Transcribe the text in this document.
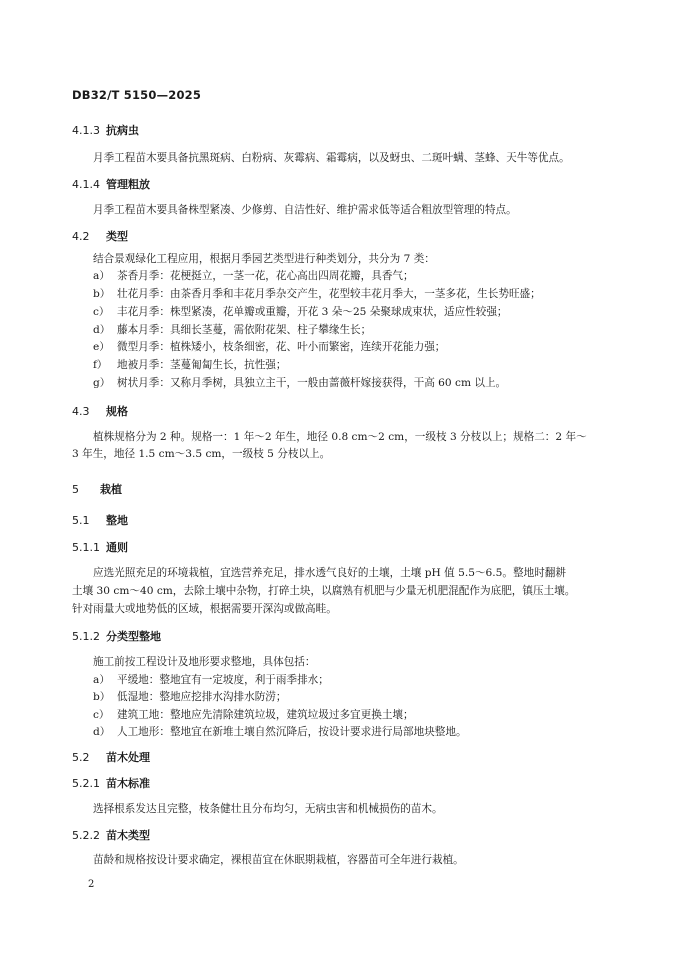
DB32/T 5150—2025
4.1.3 抗病虫
月季工程苗木要具备抗黑斑病、白粉病、灰霉病、霜霉病，以及蚜虫、二斑叶螨、茎蜂、天牛等优点。
4.1.4 管理粗放
月季工程苗木要具备株型紧凑、少修剪、自洁性好、维护需求低等适合粗放型管理的特点。
4.2 类型
结合景观绿化工程应用，根据月季园艺类型进行种类划分，共分为 7 类：
a） 茶香月季：花梗挺立，一茎一花，花心高出四周花瓣，具香气；
b） 壮花月季：由茶香月季和丰花月季杂交产生，花型较丰花月季大，一茎多花，生长势旺盛；
c） 丰花月季：株型紧凑，花单瓣或重瓣，开花 3 朵～25 朵聚球成束状，适应性较强；
d） 藤本月季：具细长茎蔓，需依附花架、柱子攀缘生长；
e） 微型月季：植株矮小，枝条细密，花、叶小而繁密，连续开花能力强；
f） 地被月季：茎蔓匍匐生长，抗性强；
g） 树状月季：又称月季树，具独立主干，一般由蔷薇杆嫁接获得，干高 60 cm 以上。
4.3 规格
植株规格分为 2 种。规格一：1 年～2 年生，地径 0.8 cm～2 cm，一级枝 3 分枝以上；规格二：2 年～
3 年生，地径 1.5 cm～3.5 cm，一级枝 5 分枝以上。
5 栽植
5.1 整地
5.1.1 通则
应选光照充足的环境栽植，宜选营养充足，排水透气良好的土壤，土壤 pH 值 5.5～6.5。整地时翻耕
土壤 30 cm～40 cm，去除土壤中杂物，打碎土块，以腐熟有机肥与少量无机肥混配作为底肥，镇压土壤。
针对雨量大或地势低的区域，根据需要开深沟或做高畦。
5.1.2 分类型整地
施工前按工程设计及地形要求整地，具体包括：
a） 平缓地：整地宜有一定坡度，利于雨季排水；
b） 低湿地：整地应挖排水沟排水防涝；
c） 建筑工地：整地应先清除建筑垃圾，建筑垃圾过多宜更换土壤；
d） 人工地形：整地宜在新堆土壤自然沉降后，按设计要求进行局部地块整地。
5.2 苗木处理
5.2.1 苗木标准
选择根系发达且完整，枝条健壮且分布均匀，无病虫害和机械损伤的苗木。
5.2.2 苗木类型
苗龄和规格按设计要求确定，裸根苗宜在休眠期栽植，容器苗可全年进行栽植。
2
